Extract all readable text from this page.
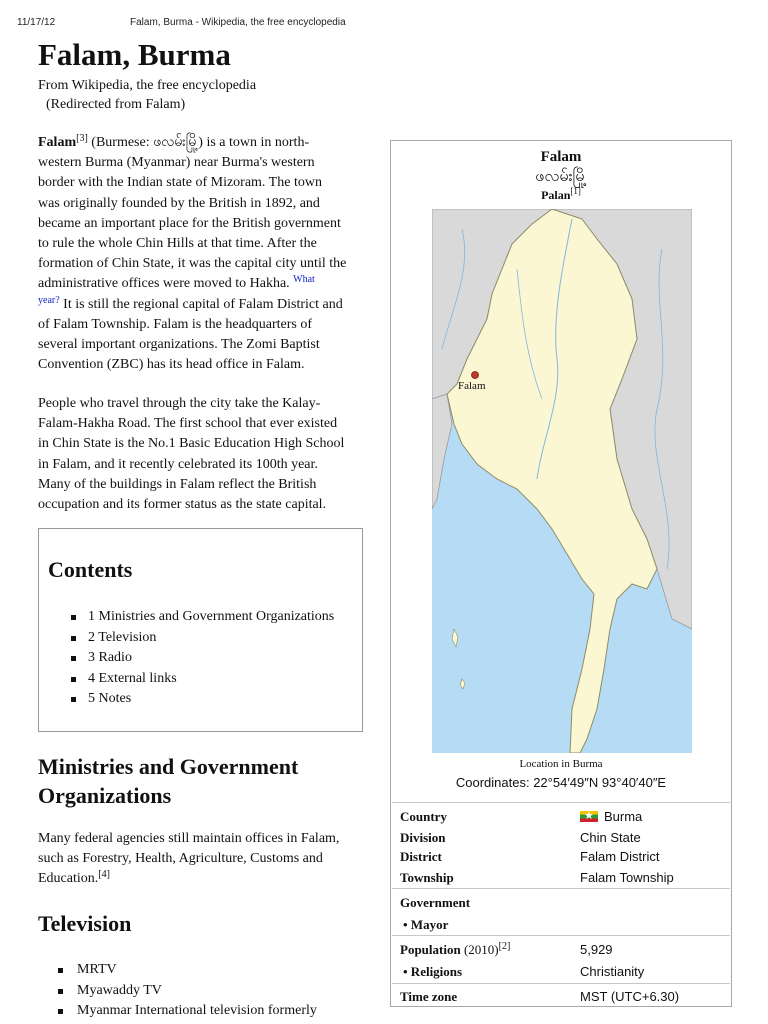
11/17/12	Falam, Burma - Wikipedia, the free encyclopedia
Falam, Burma
From Wikipedia, the free encyclopedia
(Redirected from Falam)
Falam[3] (Burmese: ဖလမ်းမြို့) is a town in north-
western Burma (Myanmar) near Burma's western
border with the Indian state of Mizoram. The town
was originally founded by the British in 1892, and
became an important place for the British government
to rule the whole Chin Hills at that time. After the
formation of Chin State, it was the capital city until the
administrative offices were moved to Hakha. $^{What}$
$^{year?}$ It is still the regional capital of Falam District and
of Falam Township. Falam is the headquarters of
several important organizations. The Zomi Baptist
Convention (ZBC) has its head office in Falam.
People who travel through the city take the Kalay-
Falam-Hakha Road. The first school that ever existed
in Chin State is the No.1 Basic Education High School
in Falam, and it recently celebrated its 100th year.
Many of the buildings in Falam reflect the British
occupation and its former status as the state capital.
Contents
1 Ministries and Government Organizations
2 Television
3 Radio
4 External links
5 Notes
Ministries and Government
Organizations
Many federal agencies still maintain offices in Falam,
such as Forestry, Health, Agriculture, Customs and
Education.[4]
Television
MRTV
Myawaddy TV
Myanmar International television formerly
Falam
ဖလမ်းမြို့
Palan[1]
Falam
Location in Burma
Coordinates: 22°54′49″N 93°40′40″E
Country
★	Burma
Division	Chin State
District	Falam District
Township	Falam Township
Government
• Mayor
Population (2010)[2]	5,929
• Religions	Christianity
Time zone	MST (UTC+6.30)
